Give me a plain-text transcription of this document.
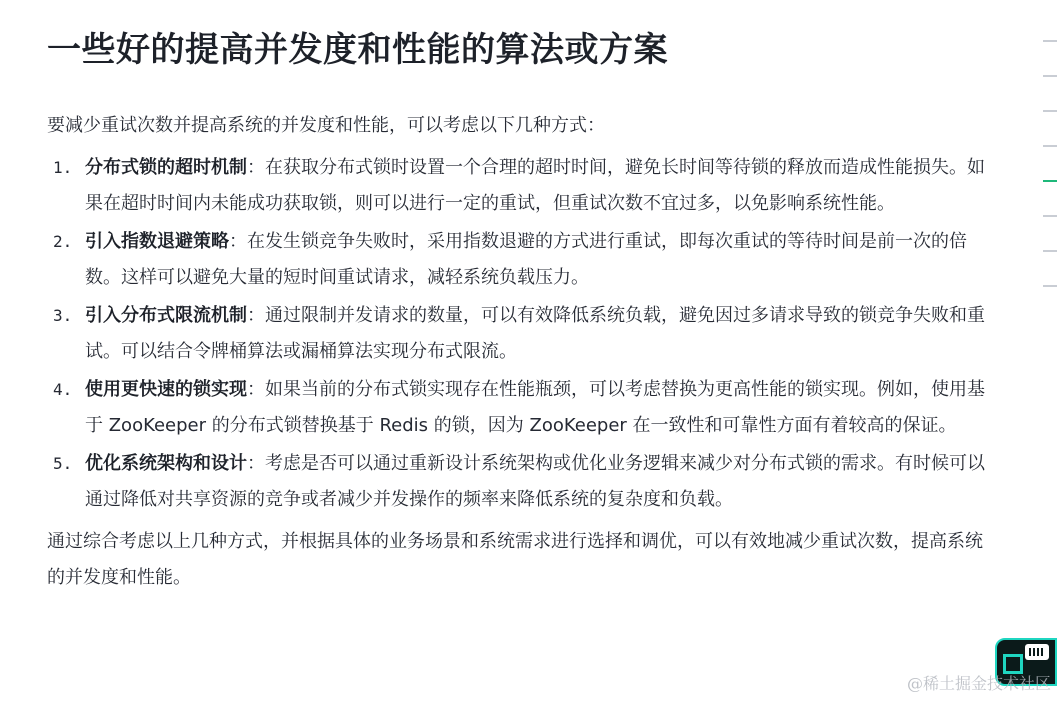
一些好的提高并发度和性能的算法或方案

要减少重试次数并提高系统的并发度和性能，可以考虑以下几种方式：

1. 分布式锁的超时机制：在获取分布式锁时设置一个合理的超时时间，避免长时间等待锁的释放而造成性能损失。如果在超时时间内未能成功获取锁，则可以进行一定的重试，但重试次数不宜过多，以免影响系统性能。
2. 引入指数退避策略：在发生锁竞争失败时，采用指数退避的方式进行重试，即每次重试的等待时间是前一次的倍数。这样可以避免大量的短时间重试请求，减轻系统负载压力。
3. 引入分布式限流机制：通过限制并发请求的数量，可以有效降低系统负载，避免因过多请求导致的锁竞争失败和重试。可以结合令牌桶算法或漏桶算法实现分布式限流。
4. 使用更快速的锁实现：如果当前的分布式锁实现存在性能瓶颈，可以考虑替换为更高性能的锁实现。例如，使用基于 ZooKeeper 的分布式锁替换基于 Redis 的锁，因为 ZooKeeper 在一致性和可靠性方面有着较高的保证。
5. 优化系统架构和设计：考虑是否可以通过重新设计系统架构或优化业务逻辑来减少对分布式锁的需求。有时候可以通过降低对共享资源的竞争或者减少并发操作的频率来降低系统的复杂度和负载。

通过综合考虑以上几种方式，并根据具体的业务场景和系统需求进行选择和调优，可以有效地减少重试次数，提高系统的并发度和性能。

@稀土掘金技术社区
